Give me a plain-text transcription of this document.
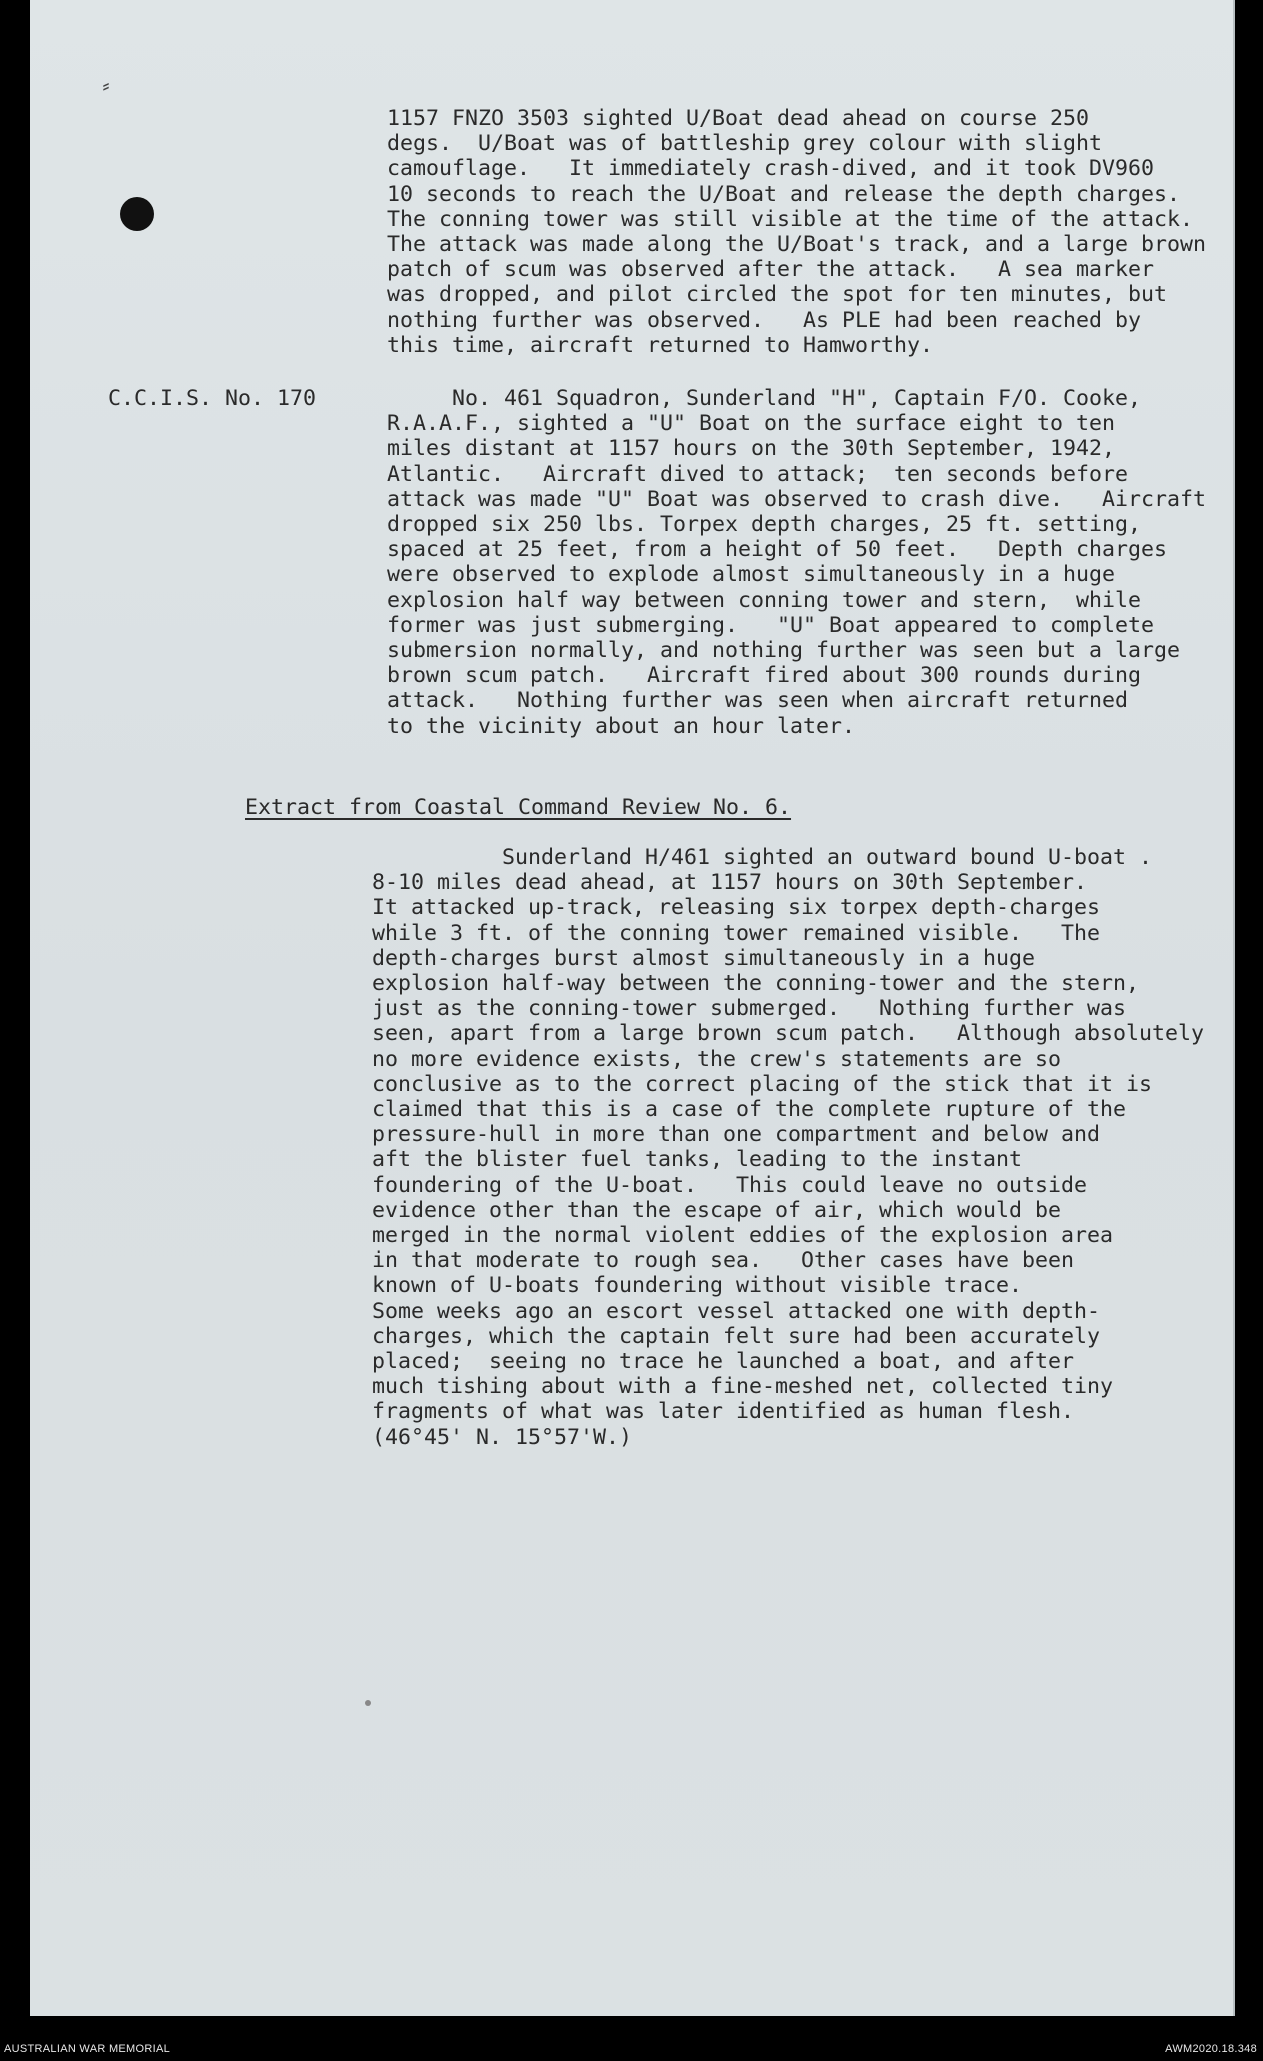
⸗
1157 FNZO 3503 sighted U/Boat dead ahead on course 250
degs.  U/Boat was of battleship grey colour with slight
camouflage.   It immediately crash-dived, and it took DV960
10 seconds to reach the U/Boat and release the depth charges.
The conning tower was still visible at the time of the attack.
The attack was made along the U/Boat's track, and a large brown
patch of scum was observed after the attack.   A sea marker
was dropped, and pilot circled the spot for ten minutes, but
nothing further was observed.   As PLE had been reached by
this time, aircraft returned to Hamworthy.
C.C.I.S. No. 170	No. 461 Squadron, Sunderland "H", Captain F/O. Cooke,
R.A.A.F., sighted a "U" Boat on the surface eight to ten
miles distant at 1157 hours on the 30th September, 1942,
Atlantic.   Aircraft dived to attack;  ten seconds before
attack was made "U" Boat was observed to crash dive.   Aircraft
dropped six 250 lbs. Torpex depth charges, 25 ft. setting,
spaced at 25 feet, from a height of 50 feet.   Depth charges
were observed to explode almost simultaneously in a huge
explosion half way between conning tower and stern,  while
former was just submerging.   "U" Boat appeared to complete
submersion normally, and nothing further was seen but a large
brown scum patch.   Aircraft fired about 300 rounds during
attack.   Nothing further was seen when aircraft returned
to the vicinity about an hour later.
Extract from Coastal Command Review No. 6.
Sunderland H/461 sighted an outward bound U-boat .
8-10 miles dead ahead, at 1157 hours on 30th September.
It attacked up-track, releasing six torpex depth-charges
while 3 ft. of the conning tower remained visible.   The
depth-charges burst almost simultaneously in a huge
explosion half-way between the conning-tower and the stern,
just as the conning-tower submerged.   Nothing further was
seen, apart from a large brown scum patch.   Although absolutely
no more evidence exists, the crew's statements are so
conclusive as to the correct placing of the stick that it is
claimed that this is a case of the complete rupture of the
pressure-hull in more than one compartment and below and
aft the blister fuel tanks, leading to the instant
foundering of the U-boat.   This could leave no outside
evidence other than the escape of air, which would be
merged in the normal violent eddies of the explosion area
in that moderate to rough sea.   Other cases have been
known of U-boats foundering without visible trace.
Some weeks ago an escort vessel attacked one with depth-
charges, which the captain felt sure had been accurately
placed;  seeing no trace he launched a boat, and after
much tishing about with a fine-meshed net, collected tiny
fragments of what was later identified as human flesh.
(46°45' N. 15°57'W.)
AUSTRALIAN WAR MEMORIAL	AWM2020.18.348
